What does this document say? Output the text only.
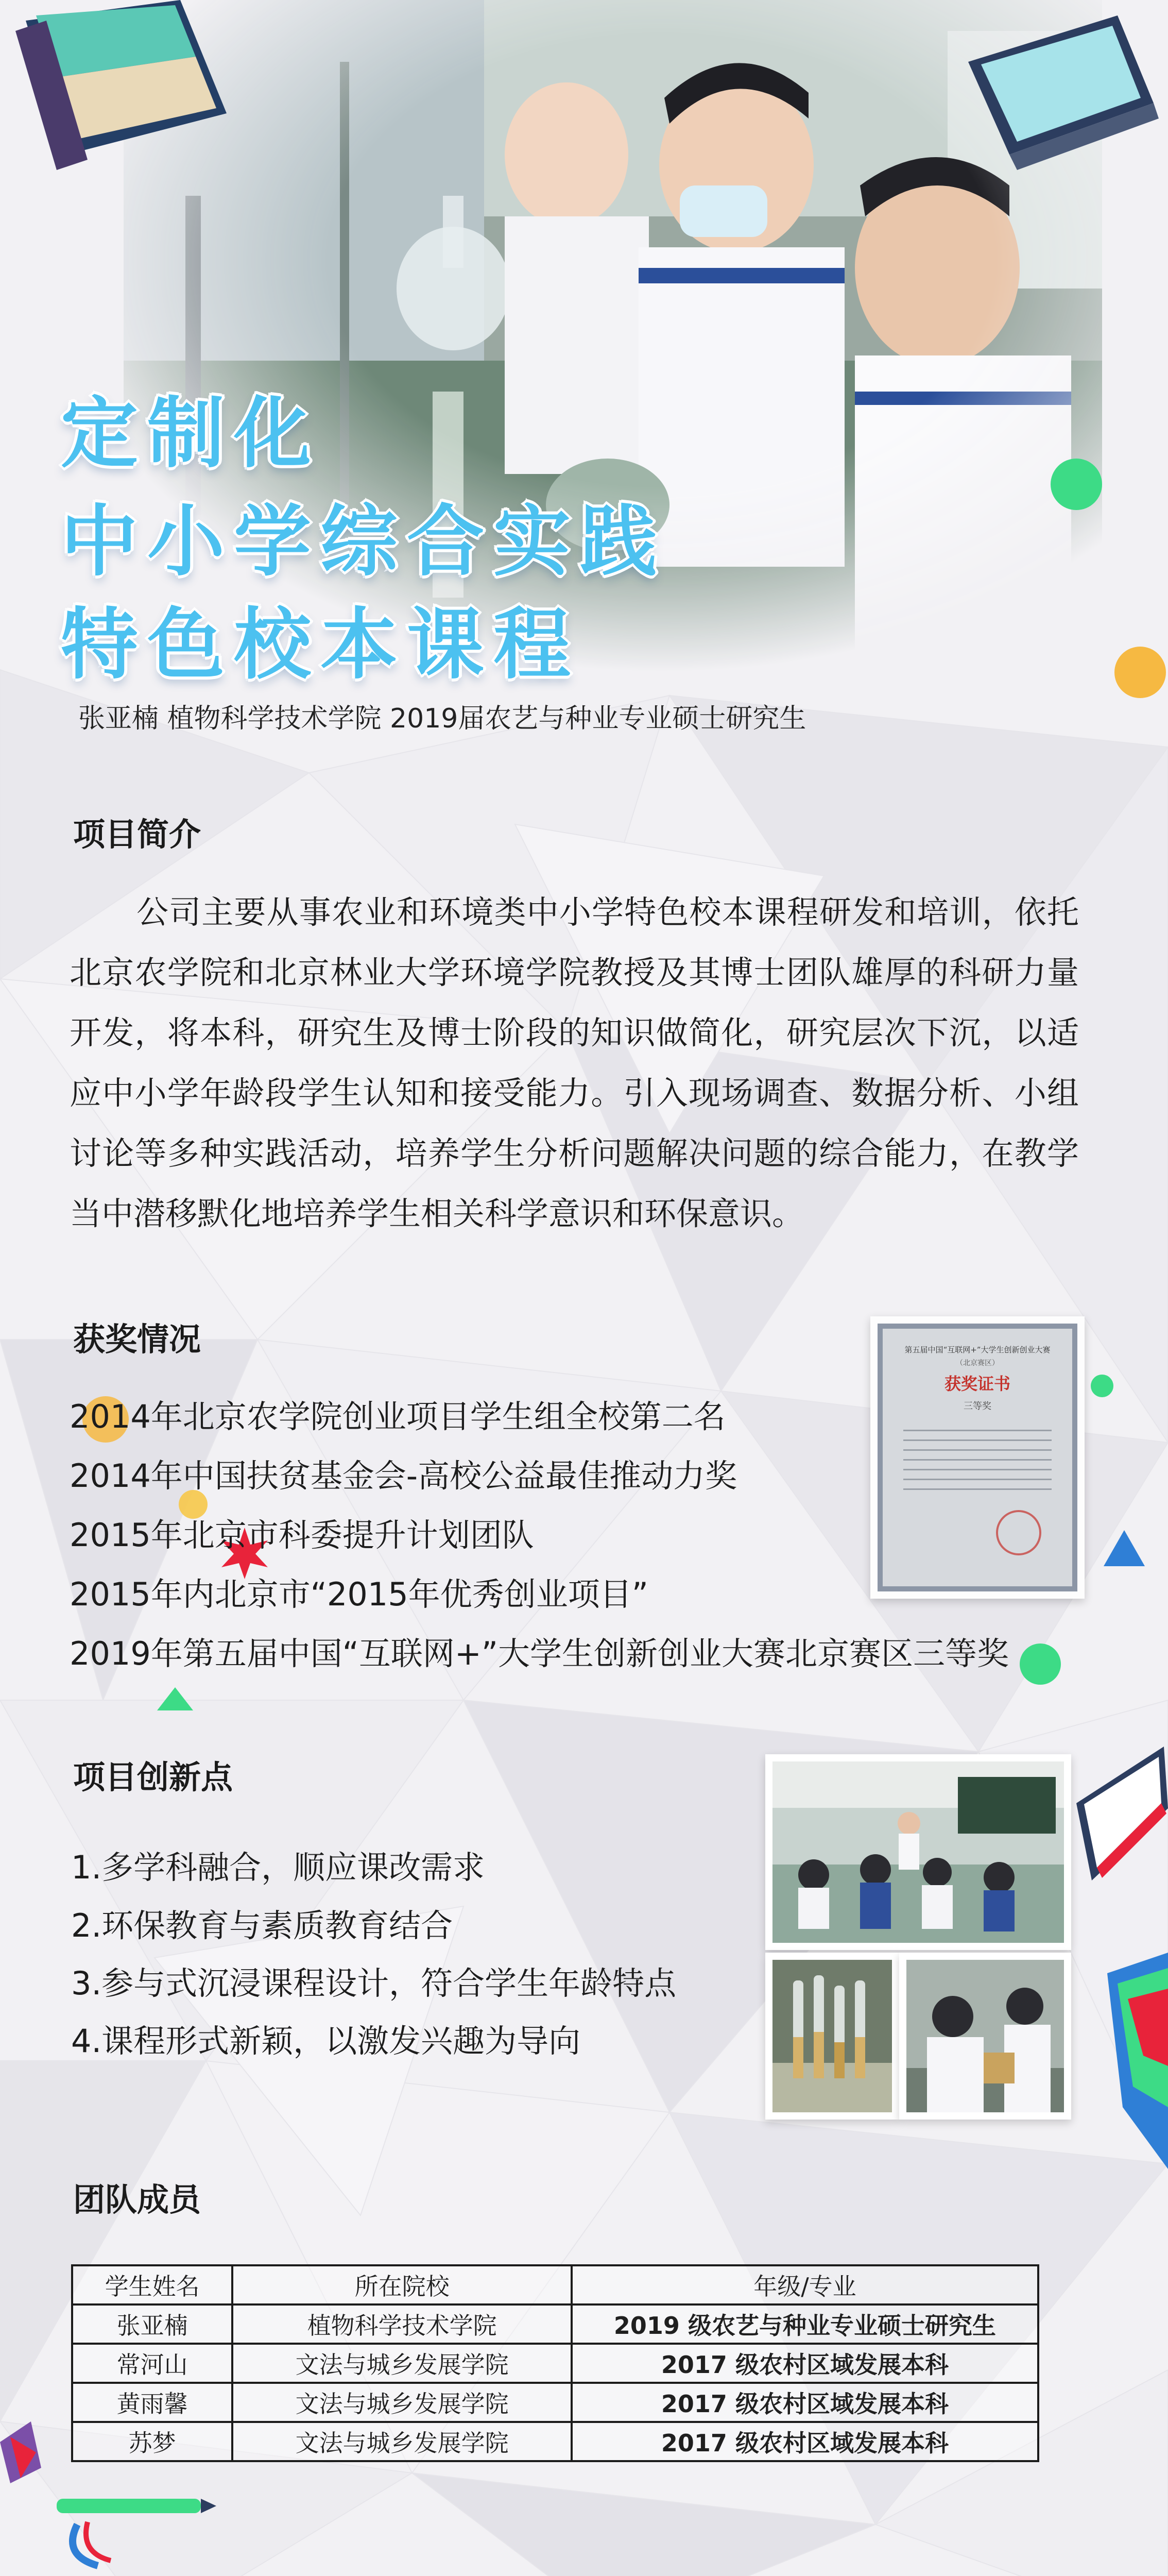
定制化
中小学综合实践
特色校本课程
张亚楠 植物科学技术学院 2019届农艺与种业专业硕士研究生
项目简介
公司主要从事农业和环境类中小学特色校本课程研发和培训，依托北京农学院和北京林业大学环境学院教授及其博士团队雄厚的科研力量开发，将本科，研究生及博士阶段的知识做简化，研究层次下沉，以适应中小学年龄段学生认知和接受能力。引入现场调查、数据分析、小组讨论等多种实践活动，培养学生分析问题解决问题的综合能力，在教学当中潜移默化地培养学生相关科学意识和环保意识。
获奖情况
2014年北京农学院创业项目学生组全校第二名
2014年中国扶贫基金会-高校公益最佳推动力奖
2015年北京市科委提升计划团队
2015年内北京市“2015年优秀创业项目”
2019年第五届中国“互联网+”大学生创新创业大赛北京赛区三等奖
第五届中国“互联网+”大学生创新创业大赛
（北京赛区）
获奖证书
三等奖
项目创新点
1.多学科融合，顺应课改需求
2.环保教育与素质教育结合
3.参与式沉浸课程设计，符合学生年龄特点
4.课程形式新颖，以激发兴趣为导向
团队成员
学生姓名	所在院校	年级/专业
张亚楠	植物科学技术学院	2019 级农艺与种业专业硕士研究生
常河山	文法与城乡发展学院	2017 级农村区域发展本科
黄雨馨	文法与城乡发展学院	2017 级农村区域发展本科
苏梦	文法与城乡发展学院	2017 级农村区域发展本科
